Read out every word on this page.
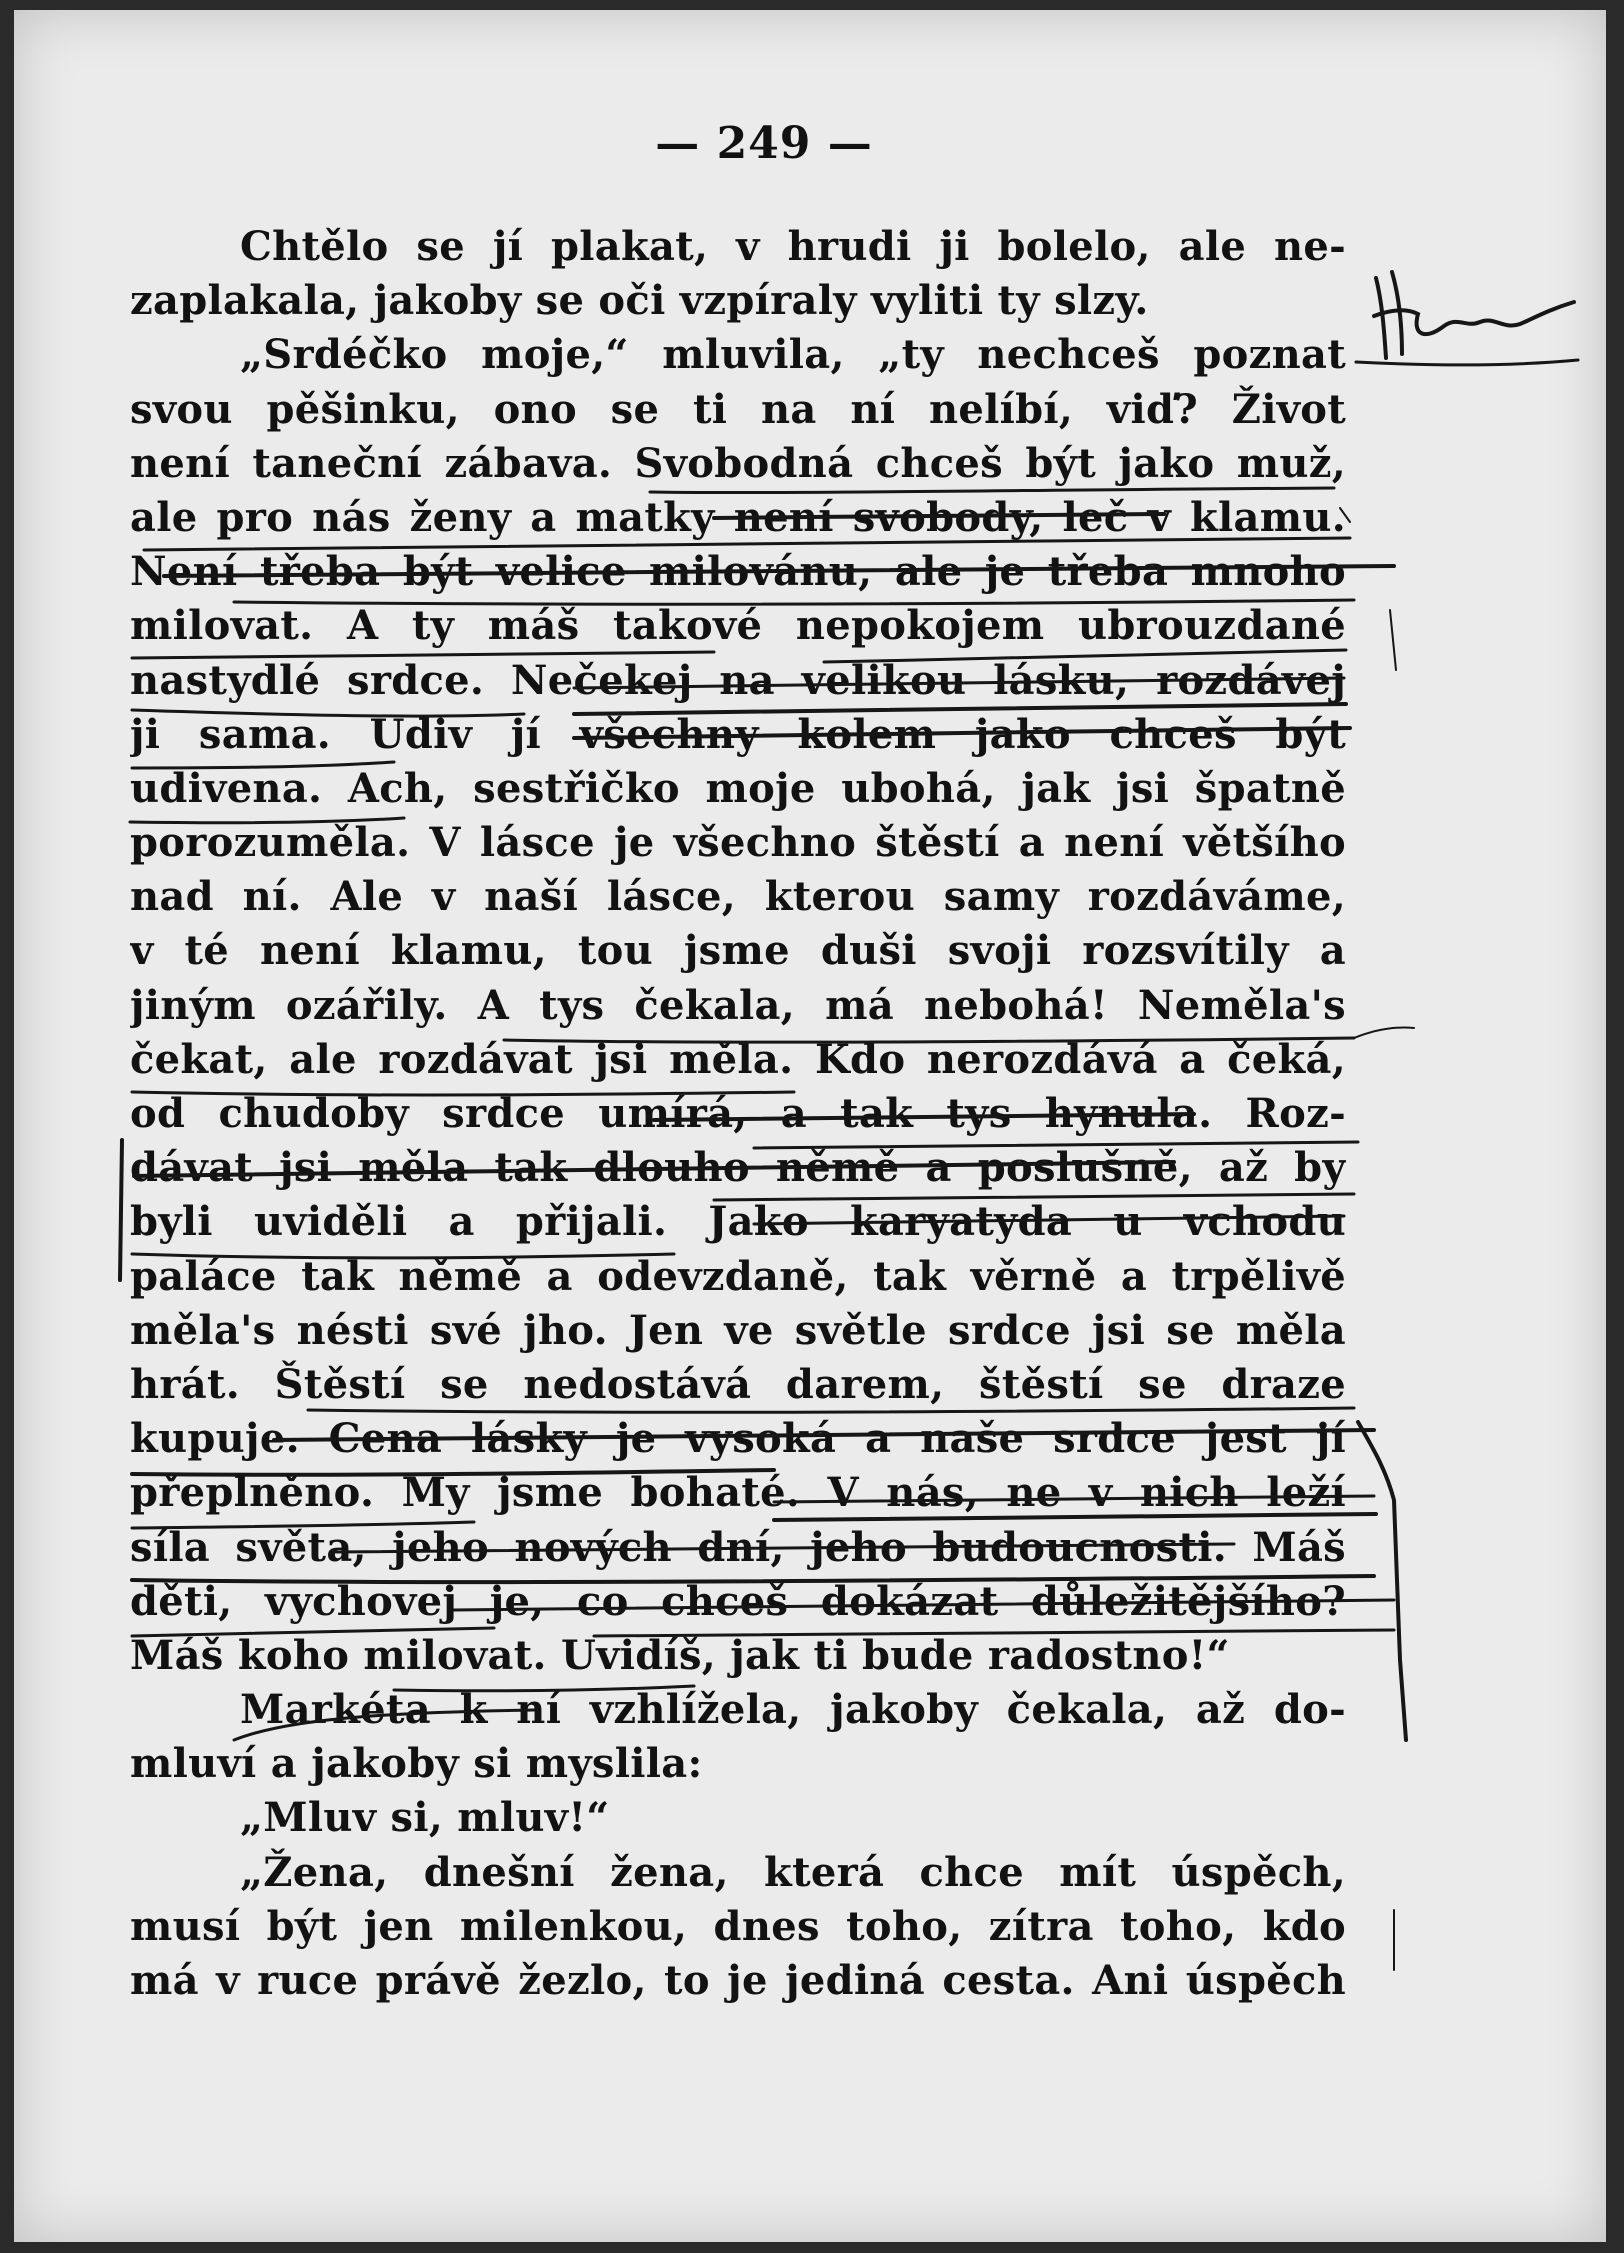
— 249 —
Chtělo se jí plakat, v hrudi ji bolelo, ale ne-
zaplakala, jakoby se oči vzpíraly vyliti ty slzy.
„Srdéčko moje,“ mluvila, „ty nechceš poznat
svou pěšinku, ono se ti na ní nelíbí, viď? Život
není taneční zábava. Svobodná chceš být jako muž,
ale pro nás ženy a matky není svobody, leč v klamu.
Není třeba být velice milovánu, ale je třeba mnoho
milovat. A ty máš takové nepokojem ubrouzdané
nastydlé srdce. Nečekej na velikou lásku, rozdávej
ji sama. Udiv jí všechny kolem jako chceš být
udivena. Ach, sestřičko moje ubohá, jak jsi špatně
porozuměla. V lásce je všechno štěstí a není většího
nad ní. Ale v naší lásce, kterou samy rozdáváme,
v té není klamu, tou jsme duši svoji rozsvítily a
jiným ozářily. A tys čekala, má nebohá! Neměla's
čekat, ale rozdávat jsi měla. Kdo nerozdává a čeká,
od chudoby srdce umírá, a tak tys hynula. Roz-
dávat jsi měla tak dlouho němě a poslušně, až by
byli uviděli a přijali. Jako karyatyda u vchodu
paláce tak němě a odevzdaně, tak věrně a trpělivě
měla's nésti své jho. Jen ve světle srdce jsi se měla
hrát. Štěstí se nedostává darem, štěstí se draze
kupuje. Cena lásky je vysoká a naše srdce jest jí
přeplněno. My jsme bohaté. V nás, ne v nich leží
síla světa, jeho nových dní, jeho budoucnosti. Máš
děti, vychovej je, co chceš dokázat důležitějšího?
Máš koho milovat. Uvidíš, jak ti bude radostno!“
Markéta k ní vzhlížela, jakoby čekala, až do-
mluví a jakoby si myslila:
„Mluv si, mluv!“
„Žena, dnešní žena, která chce mít úspěch,
musí být jen milenkou, dnes toho, zítra toho, kdo
má v ruce právě žezlo, to je jediná cesta. Ani úspěch
Helena
